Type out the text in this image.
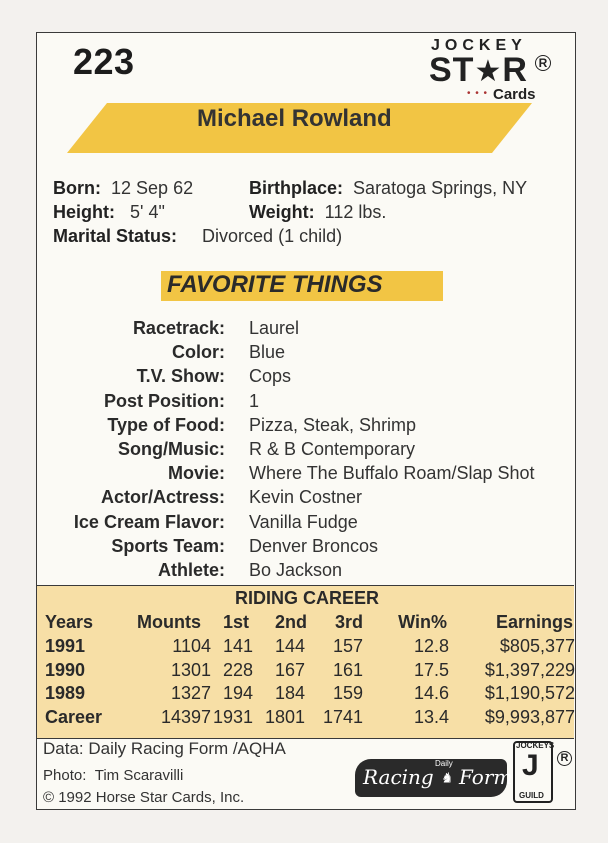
223	JOCKEY
ST★R R
• • • Cards
Michael Rowland
Born: 12 Sep 62	Birthplace: Saratoga Springs, NY
Height: 5' 4"	Weight: 112 lbs.
Marital Status: Divorced (1 child)
FAVORITE THINGS
Racetrack: Laurel
Color: Blue
T.V. Show: Cops
Post Position: 1
Type of Food: Pizza, Steak, Shrimp
Song/Music: R & B Contemporary
Movie: Where The Buffalo Roam/Slap Shot
Actor/Actress: Kevin Costner
Ice Cream Flavor: Vanilla Fudge
Sports Team: Denver Broncos
Athlete: Bo Jackson
RIDING CAREER
Years Mounts 1st 2nd 3rd Win%	Earnings
1991	1104 141 144 157	12.8	$805,377
1990	1301 228 167 161	17.5 $1,397,229
1989	1327 194 184 159	14.6 $1,190,572
Career	14397 1931 1801 1741	13.4 $9,993,877
Data: Daily Racing Form /AQHA
Photo: Tim Scaravilli
© 1992 Horse Star Cards, Inc.
Racing ♞ Form
Daily
JOCKEYS
J
GUILD
R
